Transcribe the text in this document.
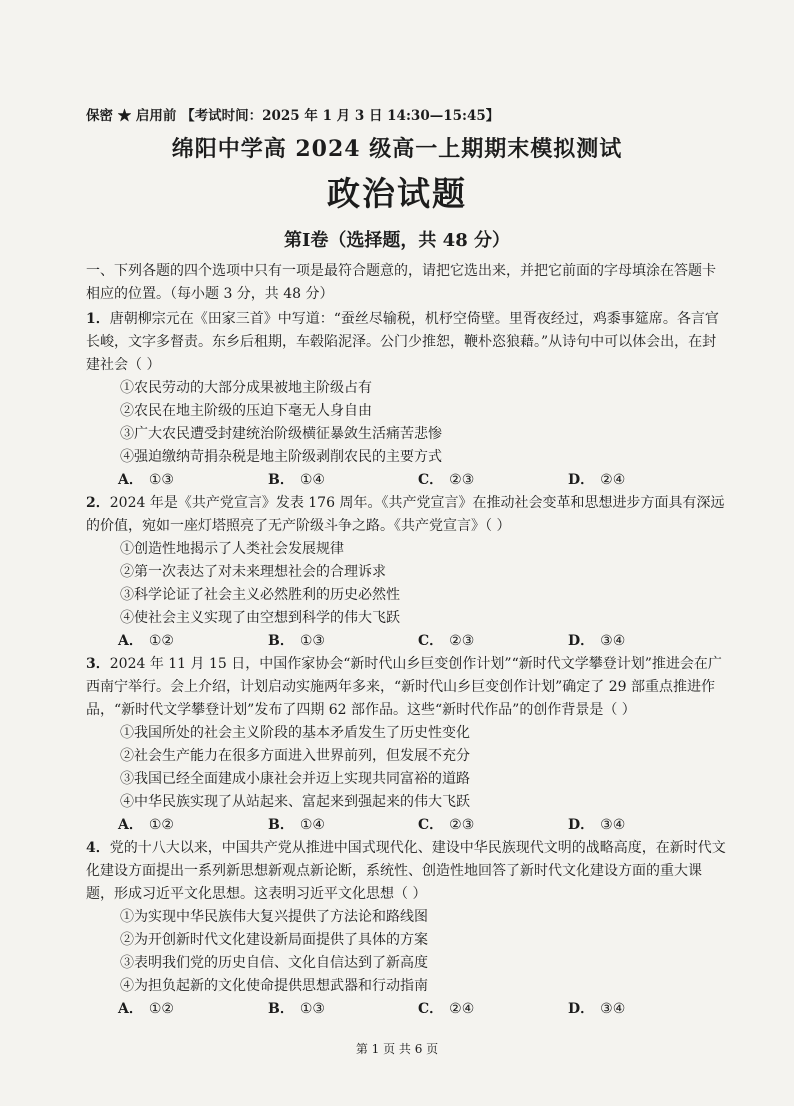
保密 ★ 启用前 【考试时间：2025 年 1 月 3 日 14:30—15:45】
绵阳中学高 2024 级高一上期期末模拟测试
政治试题
第Ⅰ卷（选择题，共 48 分）

一、下列各题的四个选项中只有一项是最符合题意的，请把它选出来，并把它前面的字母填涂在答题卡相应的位置。（每小题 3 分，共 48 分）

1．唐朝柳宗元在《田家三首》中写道：“蚕丝尽输税，机杼空倚壁。里胥夜经过，鸡黍事筵席。各言官长峻，文字多督责。东乡后租期，车毂陷泥泽。公门少推恕，鞭朴恣狼藉。”从诗句中可以体会出，在封建社会（ ）

①农民劳动的大部分成果被地主阶级占有

②农民在地主阶级的压迫下毫无人身自由

③广大农民遭受封建统治阶级横征暴敛生活痛苦悲惨

④强迫缴纳苛捐杂税是地主阶级剥削农民的主要方式

A． ①③	B． ①④	C． ②③	D． ②④

2．2024 年是《共产党宣言》发表 176 周年。《共产党宣言》在推动社会变革和思想进步方面具有深远的价值，宛如一座灯塔照亮了无产阶级斗争之路。《共产党宣言》（ ）

①创造性地揭示了人类社会发展规律

②第一次表达了对未来理想社会的合理诉求

③科学论证了社会主义必然胜利的历史必然性

④使社会主义实现了由空想到科学的伟大飞跃

A． ①②	B． ①③	C． ②③	D． ③④

3．2024 年 11 月 15 日，中国作家协会“新时代山乡巨变创作计划”“新时代文学攀登计划”推进会在广西南宁举行。会上介绍，计划启动实施两年多来，“新时代山乡巨变创作计划”确定了 29 部重点推进作品，“新时代文学攀登计划”发布了四期 62 部作品。这些“新时代作品”的创作背景是（ ）

①我国所处的社会主义阶段的基本矛盾发生了历史性变化

②社会生产能力在很多方面进入世界前列，但发展不充分

③我国已经全面建成小康社会并迈上实现共同富裕的道路

④中华民族实现了从站起来、富起来到强起来的伟大飞跃

A． ①②	B． ①④	C． ②③	D． ③④

4．党的十八大以来，中国共产党从推进中国式现代化、建设中华民族现代文明的战略高度，在新时代文化建设方面提出一系列新思想新观点新论断，系统性、创造性地回答了新时代文化建设方面的重大课题，形成习近平文化思想。这表明习近平文化思想（ ）

①为实现中华民族伟大复兴提供了方法论和路线图

②为开创新时代文化建设新局面提供了具体的方案

③表明我们党的历史自信、文化自信达到了新高度

④为担负起新的文化使命提供思想武器和行动指南

A． ①②	B． ①③	C． ②④	D． ③④
第 1 页 共 6 页
